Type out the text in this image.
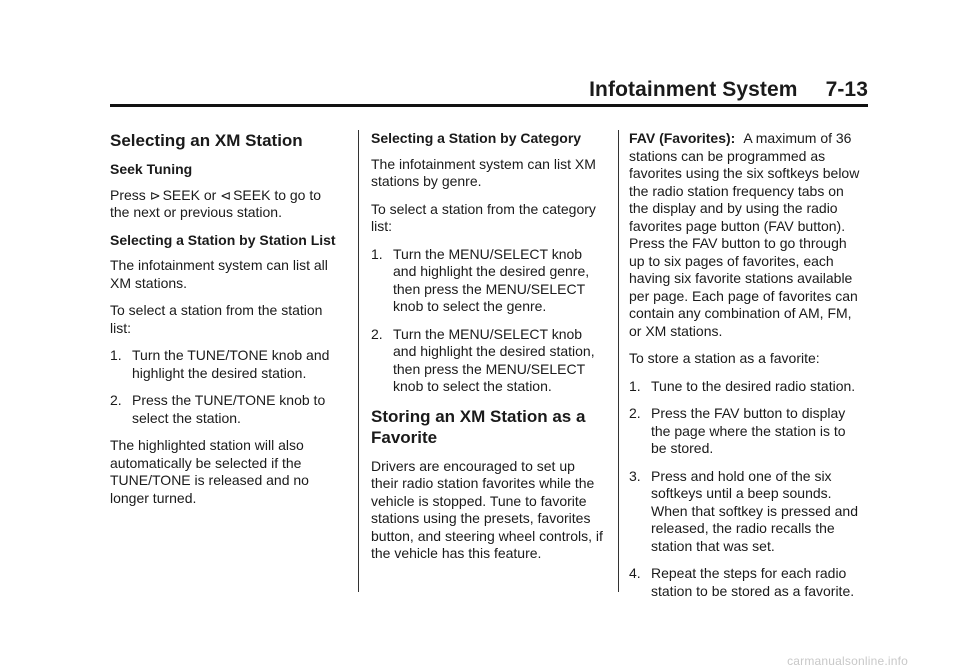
Infotainment System 7-13
Selecting an XM Station
Seek Tuning

Press ⊳ SEEK or ⊲ SEEK to go to the next or previous station.

Selecting a Station by Station List

The infotainment system can list all XM stations.

To select a station from the station list:

1. Turn the TUNE/TONE knob and highlight the desired station.
2. Press the TUNE/TONE knob to select the station.

The highlighted station will also automatically be selected if the TUNE/TONE is released and no longer turned.

Selecting a Station by Category

The infotainment system can list XM stations by genre.

To select a station from the category list:

1. Turn the MENU/SELECT knob and highlight the desired genre, then press the MENU/SELECT knob to select the genre.
2. Turn the MENU/SELECT knob and highlight the desired station, then press the MENU/SELECT knob to select the station.
Storing an XM Station as a Favorite

Drivers are encouraged to set up their radio station favorites while the vehicle is stopped. Tune to favorite stations using the presets, favorites button, and steering wheel controls, if the vehicle has this feature.

FAV (Favorites): A maximum of 36 stations can be programmed as favorites using the six softkeys below the radio station frequency tabs on the display and by using the radio favorites page button (FAV button). Press the FAV button to go through up to six pages of favorites, each having six favorite stations available per page. Each page of favorites can contain any combination of AM, FM, or XM stations.

To store a station as a favorite:

1. Tune to the desired radio station.
2. Press the FAV button to display the page where the station is to be stored.
3. Press and hold one of the six softkeys until a beep sounds. When that softkey is pressed and released, the radio recalls the station that was set.
4. Repeat the steps for each radio station to be stored as a favorite.
carmanualsonline.info
